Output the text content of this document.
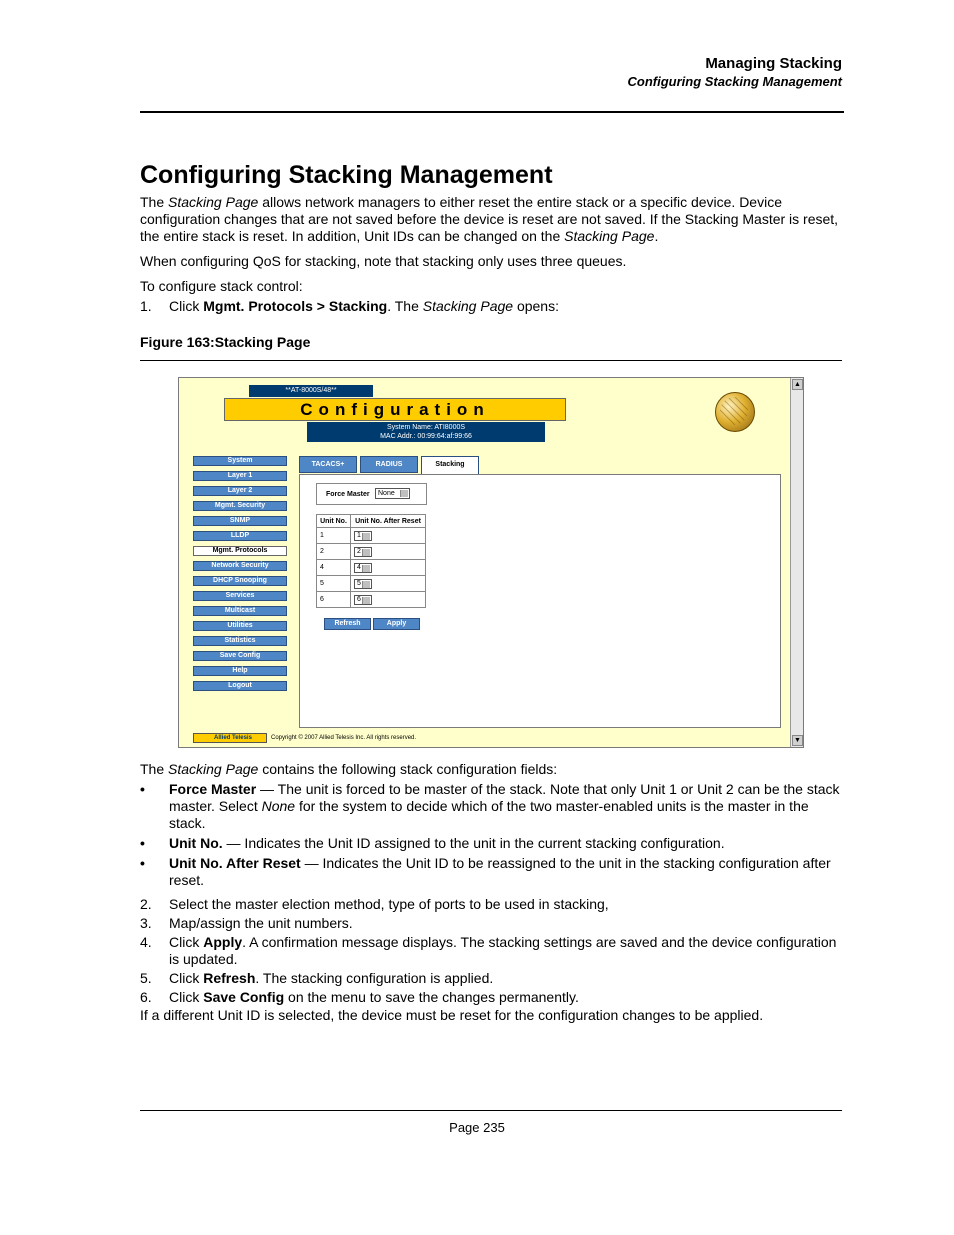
Managing Stacking
Configuring Stacking Management
Configuring Stacking Management
The Stacking Page allows network managers to either reset the entire stack or a specific device. Device configuration changes that are not saved before the device is reset are not saved. If the Stacking Master is reset, the entire stack is reset. In addition, Unit IDs can be changed on the Stacking Page.
When configuring QoS for stacking, note that stacking only uses three queues.
To configure stack control:
1. Click Mgmt. Protocols > Stacking. The Stacking Page opens:
Figure 163:Stacking Page
**AT-8000S/48**
Configuration
System Name: ATI8000S
MAC Addr.: 00:99:64:af:99:66
System
Layer 1
Layer 2
Mgmt. Security
SNMP
LLDP
Mgmt. Protocols
Network Security
DHCP Snooping
Services
Multicast
Utilities
Statistics
Save Config
Help
Logout
TACACS+	RADIUS	Stacking
Force Master	None
Unit No.	Unit No. After Reset
1	1
2	2
4	4
5	5
6	6
Refresh	Apply
Allied Telesis	Copyright © 2007 Allied Telesis Inc. All rights reserved.
▲
▼
The Stacking Page contains the following stack configuration fields:
• Force Master — The unit is forced to be master of the stack. Note that only Unit 1 or Unit 2 can be the stack master. Select None for the system to decide which of the two master-enabled units is the master in the stack.
• Unit No. — Indicates the Unit ID assigned to the unit in the current stacking configuration.
• Unit No. After Reset — Indicates the Unit ID to be reassigned to the unit in the stacking configuration after reset.
2. Select the master election method, type of ports to be used in stacking,
3. Map/assign the unit numbers.
4. Click Apply. A confirmation message displays. The stacking settings are saved and the device configuration is updated.
5. Click Refresh. The stacking configuration is applied.
6. Click Save Config on the menu to save the changes permanently.
If a different Unit ID is selected, the device must be reset for the configuration changes to be applied.
Page 235
